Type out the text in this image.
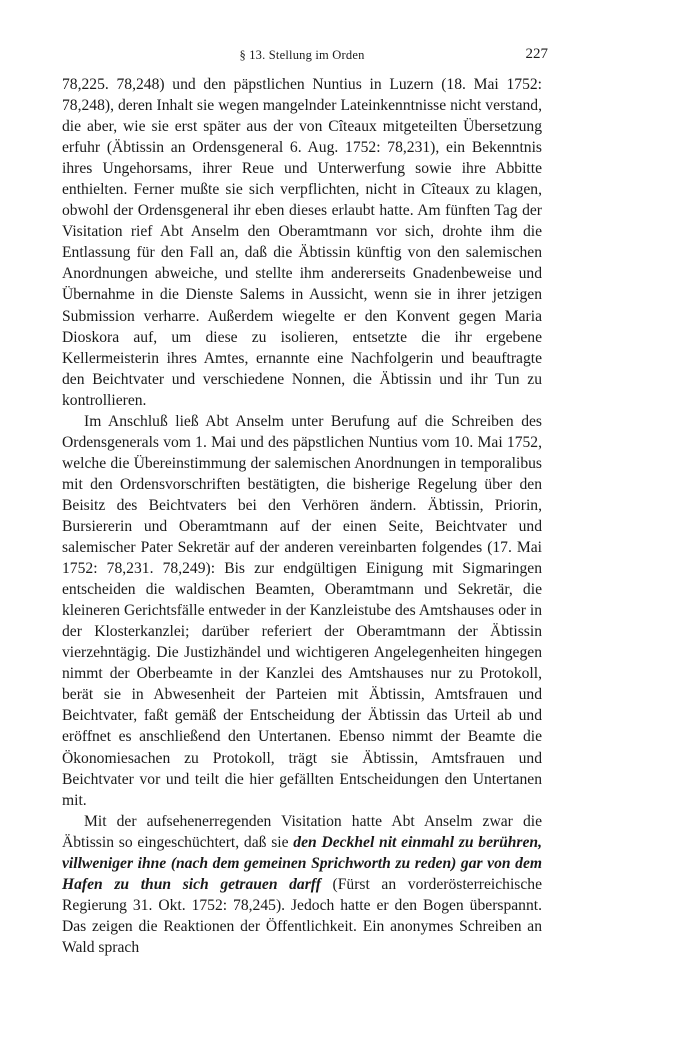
§ 13. Stellung im Orden	227

78,225. 78,248) und den päpstlichen Nuntius in Luzern (18. Mai 1752: 78,248), deren Inhalt sie wegen mangelnder Lateinkenntnisse nicht verstand, die aber, wie sie erst später aus der von Cîteaux mitgeteilten Übersetzung erfuhr (Äbtissin an Ordensgeneral 6. Aug. 1752: 78,231), ein Bekenntnis ihres Ungehorsams, ihrer Reue und Unterwerfung sowie ihre Abbitte enthielten. Ferner mußte sie sich verpflichten, nicht in Cîteaux zu klagen, obwohl der Ordensgeneral ihr eben dieses erlaubt hatte. Am fünften Tag der Visitation rief Abt Anselm den Oberamtmann vor sich, drohte ihm die Entlassung für den Fall an, daß die Äbtissin künftig von den salemischen Anordnungen abweiche, und stellte ihm andererseits Gnadenbeweise und Übernahme in die Dienste Salems in Aussicht, wenn sie in ihrer jetzigen Submission verharre. Außerdem wiegelte er den Konvent gegen Maria Dioskora auf, um diese zu isolieren, entsetzte die ihr ergebene Kellermeisterin ihres Amtes, ernannte eine Nachfolgerin und beauftragte den Beichtvater und verschiedene Nonnen, die Äbtissin und ihr Tun zu kontrollieren.

Im Anschluß ließ Abt Anselm unter Berufung auf die Schreiben des Ordensgenerals vom 1. Mai und des päpstlichen Nuntius vom 10. Mai 1752, welche die Übereinstimmung der salemischen Anordnungen in temporalibus mit den Ordensvorschriften bestätigten, die bisherige Regelung über den Beisitz des Beichtvaters bei den Verhören ändern. Äbtissin, Priorin, Bursiererin und Oberamtmann auf der einen Seite, Beichtvater und salemischer Pater Sekretär auf der anderen vereinbarten folgendes (17. Mai 1752: 78,231. 78,249): Bis zur endgültigen Einigung mit Sigmaringen entscheiden die waldischen Beamten, Oberamtmann und Sekretär, die kleineren Gerichtsfälle entweder in der Kanzleistube des Amtshauses oder in der Klosterkanzlei; darüber referiert der Oberamtmann der Äbtissin vierzehntägig. Die Justizhändel und wichtigeren Angelegenheiten hingegen nimmt der Oberbeamte in der Kanzlei des Amtshauses nur zu Protokoll, berät sie in Abwesenheit der Parteien mit Äbtissin, Amtsfrauen und Beichtvater, faßt gemäß der Entscheidung der Äbtissin das Urteil ab und eröffnet es anschließend den Untertanen. Ebenso nimmt der Beamte die Ökonomiesachen zu Protokoll, trägt sie Äbtissin, Amtsfrauen und Beichtvater vor und teilt die hier gefällten Entscheidungen den Untertanen mit.

Mit der aufsehenerregenden Visitation hatte Abt Anselm zwar die Äbtissin so eingeschüchtert, daß sie den Deckhel nit einmahl zu berühren, villweniger ihne (nach dem gemeinen Sprichworth zu reden) gar von dem Hafen zu thun sich getrauen darff (Fürst an vorderösterreichische Regierung 31. Okt. 1752: 78,245). Jedoch hatte er den Bogen überspannt. Das zeigen die Reaktionen der Öffentlichkeit. Ein anonymes Schreiben an Wald sprach
